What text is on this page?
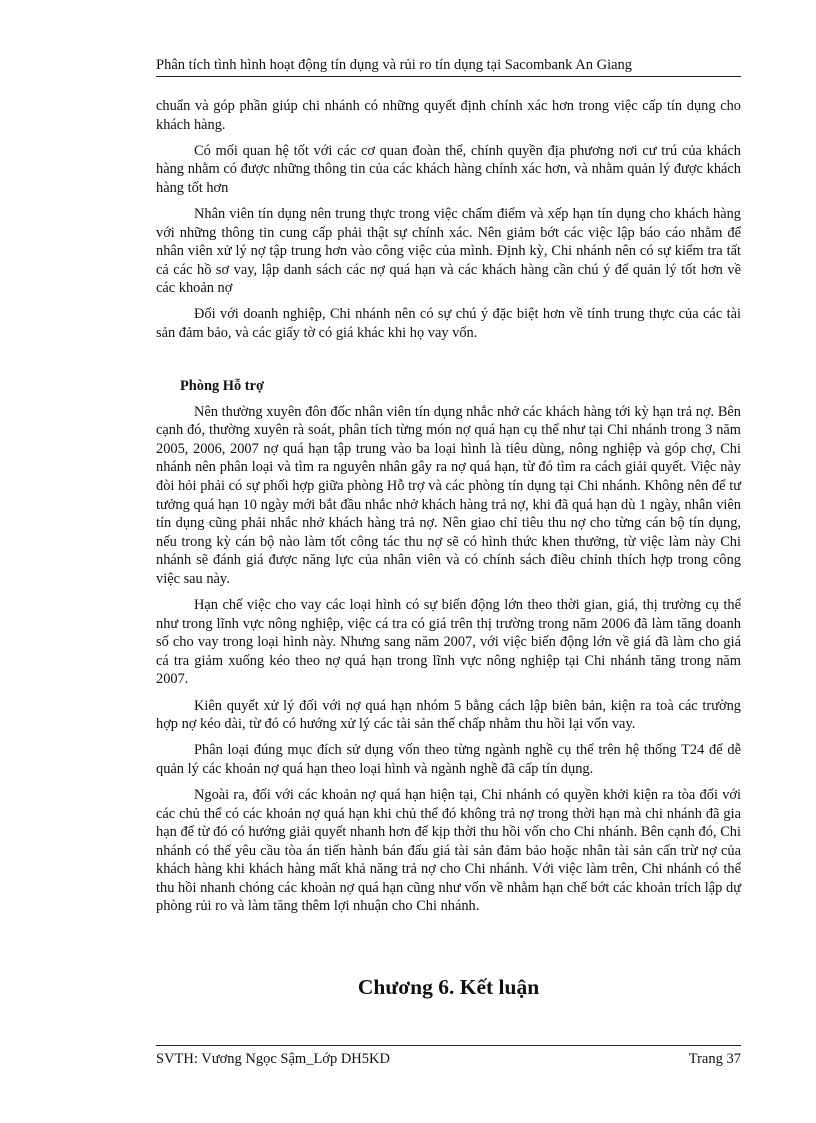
Phân tích tình hình hoạt động tín dụng và rủi ro tín dụng tại Sacombank An Giang

chuẩn và góp phần giúp chi nhánh có những quyết định chính xác hơn trong việc cấp tín dụng cho khách hàng.

Có mối quan hệ tốt với các cơ quan đoàn thể, chính quyền địa phương nơi cư trú của khách hàng nhằm có được những thông tin của các khách hàng chính xác hơn, và nhằm quản lý được khách hàng tốt hơn

Nhân viên tín dụng nên trung thực trong việc chấm điểm và xếp hạn tín dụng cho khách hàng với những thông tin cung cấp phải thật sự chính xác. Nên giảm bớt các việc lập báo cáo nhằm để nhân viên xử lý nợ tập trung hơn vào công việc của mình. Định kỳ, Chi nhánh nên có sự kiểm tra tất cả các hồ sơ vay, lập danh sách các nợ quá hạn và các khách hàng cần chú ý để quản lý tốt hơn về các khoản nợ

Đối với doanh nghiệp, Chi nhánh nên có sự chú ý đặc biệt hơn về tính trung thực của các tài sản đảm bảo, và các giấy tờ có giá khác khi họ vay vốn.

Phòng Hỗ trợ

Nên thường xuyên đôn đốc nhân viên tín dụng nhắc nhở các khách hàng tới kỳ hạn trả nợ. Bên cạnh đó, thường xuyên rà soát, phân tích từng món nợ quá hạn cụ thể như tại Chi nhánh trong 3 năm 2005, 2006, 2007 nợ quá hạn tập trung vào ba loại hình là tiêu dùng, nông nghiệp và góp chợ, Chi nhánh nên phân loại và tìm ra nguyên nhân gây ra nợ quá hạn, từ đó tìm ra cách giải quyết. Việc này đòi hỏi phải có sự phối hợp giữa phòng Hỗ trợ và các phòng tín dụng tại Chi nhánh. Không nên để tư tưởng quá hạn 10 ngày mới bắt đầu nhắc nhở khách hàng trả nợ, khi đã quá hạn dù 1 ngày, nhân viên tín dụng cũng phải nhắc nhở khách hàng trả nợ. Nên giao chỉ tiêu thu nợ cho từng cán bộ tín dụng, nếu trong kỳ cán bộ nào làm tốt công tác thu nợ sẽ có hình thức khen thưởng, từ việc làm này Chi nhánh sẽ đánh giá được năng lực của nhân viên và có chính sách điều chỉnh thích hợp trong công việc sau này.

Hạn chế việc cho vay các loại hình có sự biến động lớn theo thời gian, giá, thị trường cụ thể như trong lĩnh vực nông nghiệp, việc cá tra có giá trên thị trường trong năm 2006 đã làm tăng doanh số cho vay trong loại hình này. Nhưng sang năm 2007, với việc biến động lớn về giá đã làm cho giá cá tra giảm xuống kéo theo nợ quá hạn trong lĩnh vực nông nghiệp tại Chi nhánh tăng trong năm 2007.

Kiên quyết xử lý đối với nợ quá hạn nhóm 5 bằng cách lập biên bản, kiện ra toà các trường hợp nợ kéo dài, từ đó có hướng xử lý các tài sản thế chấp nhằm thu hồi lại vốn vay.

Phân loại đúng mục đích sử dụng vốn theo từng ngành nghề cụ thể trên hệ thống T24 để dễ quản lý các khoản nợ quá hạn theo loại hình và ngành nghề đã cấp tín dụng.

Ngoài ra, đối với các khoản nợ quá hạn hiện tại, Chi nhánh có quyền khởi kiện ra tòa đối với các chủ thể có các khoản nợ quá hạn khi chủ thể đó không trả nợ trong thời hạn mà chi nhánh đã gia hạn để từ đó có hướng giải quyết nhanh hơn để kịp thời thu hồi vốn cho Chi nhánh. Bên cạnh đó, Chi nhánh có thể yêu cầu tòa án tiến hành bán đấu giá tài sản đảm bảo hoặc nhân tài sản cấn trừ nợ của khách hàng khi khách hàng mất khả năng trả nợ cho Chi nhánh. Với việc làm trên, Chi nhánh có thể thu hồi nhanh chóng các khoản nợ quá hạn cũng như vốn về nhằm hạn chế bớt các khoản trích lập dự phòng rủi ro và làm tăng thêm lợi nhuận cho Chi nhánh.

Chương 6. Kết luận
SVTH: Vương Ngọc Sậm_Lớp DH5KD	Trang 37
